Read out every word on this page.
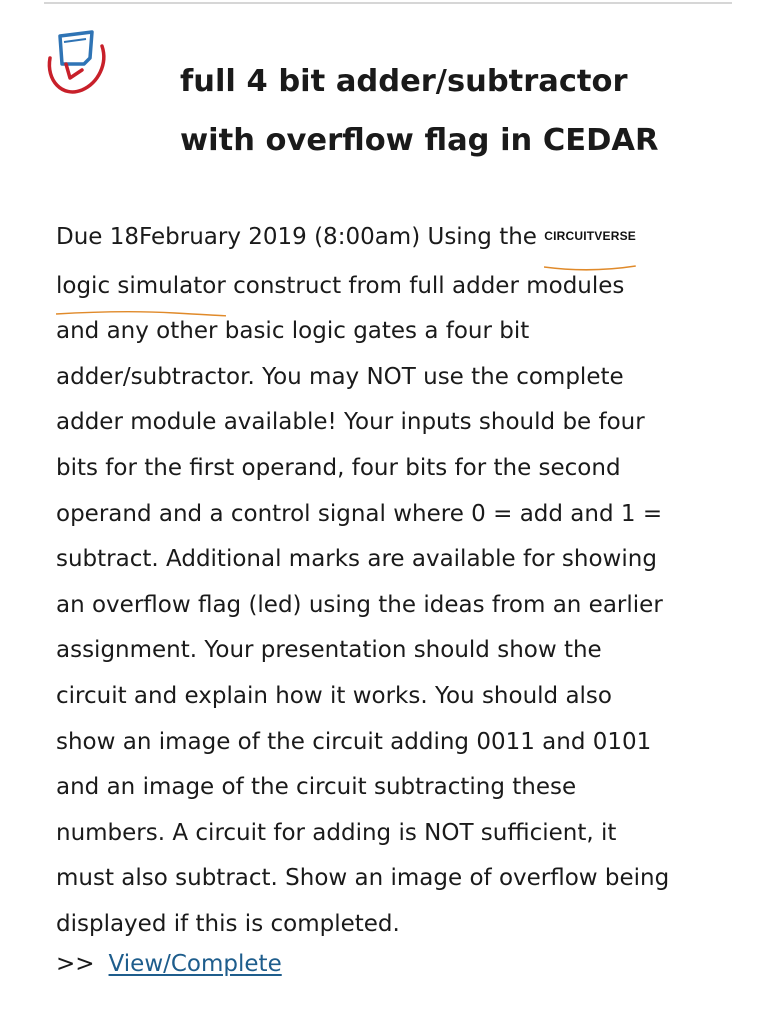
full 4 bit adder/subtractor
with overflow flag in CEDAR
Due 18February 2019 (8:00am) Using the CIRCUITVERSE
logic simulator
construct from full adder modules
and any other basic logic gates a four bit
adder/subtractor. You may NOT use the complete
adder module available! Your inputs should be four
bits for the first operand, four bits for the second
operand and a control signal where 0 = add and 1 =
subtract. Additional marks are available for showing
an overflow flag (led) using the ideas from an earlier
assignment. Your presentation should show the
circuit and explain how it works. You should also
show an image of the circuit adding 0011 and 0101
and an image of the circuit subtracting these
numbers. A circuit for adding is NOT sufficient, it
must also subtract. Show an image of overflow being
displayed if this is completed.
>> View/Complete
